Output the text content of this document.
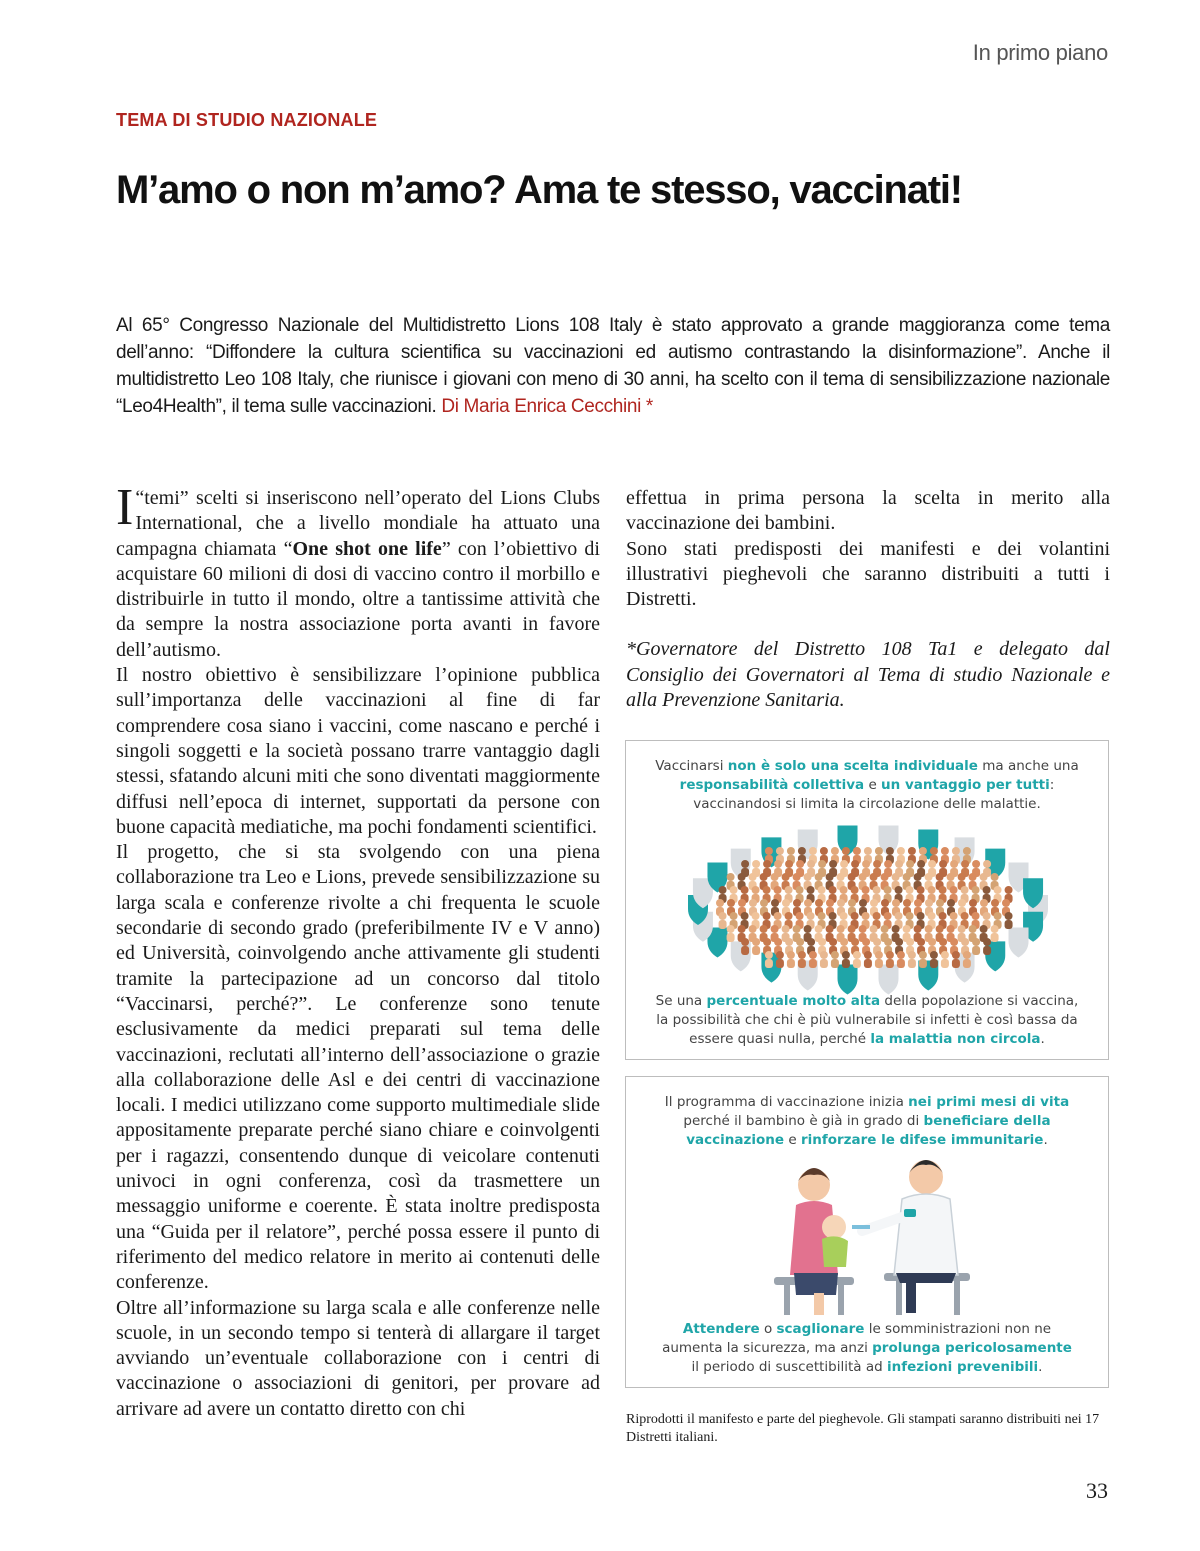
In primo piano
TEMA DI STUDIO NAZIONALE
M’amo o non m’amo? Ama te stesso, vaccinati!
Al 65° Congresso Nazionale del Multidistretto Lions 108 Italy è stato approvato a grande maggioranza come tema dell’anno: “Diffondere la cultura scientifica su vaccinazioni ed autismo contrastando la disinformazione”. Anche il multidistretto Leo 108 Italy, che riunisce i giovani con meno di 30 anni, ha scelto con il tema di sensibilizzazione nazionale “Leo4Health”, il tema sulle vaccinazioni. Di Maria Enrica Cecchini *

I “temi” scelti si inseriscono nell’operato del Lions Clubs International, che a livello mondiale ha attuato una campagna chiamata “One shot one life” con l’obiettivo di acquistare 60 milioni di dosi di vaccino contro il morbillo e distribuirle in tutto il mondo, oltre a tantissime attività che da sempre la nostra associazione porta avanti in favore dell’autismo.

Il nostro obiettivo è sensibilizzare l’opinione pubblica sull’importanza delle vaccinazioni al fine di far comprendere cosa siano i vaccini, come nascano e perché i singoli soggetti e la società possano trarre vantaggio dagli stessi, sfatando alcuni miti che sono diventati maggiormente diffusi nell’epoca di internet, supportati da persone con buone capacità mediatiche, ma pochi fondamenti scientifici.

Il progetto, che si sta svolgendo con una piena collaborazione tra Leo e Lions, prevede sensibilizzazione su larga scala e conferenze rivolte a chi frequenta le scuole secondarie di secondo grado (preferibilmente IV e V anno) ed Università, coinvolgendo anche attivamente gli studenti tramite la partecipazione ad un concorso dal titolo “Vaccinarsi, perché?”. Le conferenze sono tenute esclusivamente da medici preparati sul tema delle vaccinazioni, reclutati all’interno dell’associazione o grazie alla collaborazione delle Asl e dei centri di vaccinazione locali. I medici utilizzano come supporto multimediale slide appositamente preparate perché siano chiare e coinvolgenti per i ragazzi, consentendo dunque di veicolare contenuti univoci in ogni conferenza, così da trasmettere un messaggio uniforme e coerente. È stata inoltre predisposta una “Guida per il relatore”, perché possa essere il punto di riferimento del medico relatore in merito ai contenuti delle conferenze.

Oltre all’informazione su larga scala e alle conferenze nelle scuole, in un secondo tempo si tenterà di allargare il target avviando un’eventuale collaborazione con i centri di vaccinazione o associazioni di genitori, per provare ad arrivare ad avere un contatto diretto con chi

effettua in prima persona la scelta in merito alla vaccinazione dei bambini.

Sono stati predisposti dei manifesti e dei volantini illustrativi pieghevoli che saranno distribuiti a tutti i Distretti.

*Governatore del Distretto 108 Ta1 e delegato dal Consiglio dei Governatori al Tema di studio Nazionale e alla Prevenzione Sanitaria.

Vaccinarsi non è solo una scelta individuale ma anche una
responsabilità collettiva e un vantaggio per tutti:
vaccinandosi si limita la circolazione delle malattie.
Se una percentuale molto alta della popolazione si vaccina,
la possibilità che chi è più vulnerabile si infetti è così bassa da
essere quasi nulla, perché la malattia non circola.
Il programma di vaccinazione inizia nei primi mesi di vita
perché il bambino è già in grado di beneficiare della
vaccinazione e rinforzare le difese immunitarie.
Attendere o scaglionare le somministrazioni non ne
aumenta la sicurezza, ma anzi prolunga pericolosamente
il periodo di suscettibilità ad infezioni prevenibili.
Riprodotti il manifesto e parte del pieghevole. Gli stampati saranno distribuiti nei 17 Distretti italiani.
33
